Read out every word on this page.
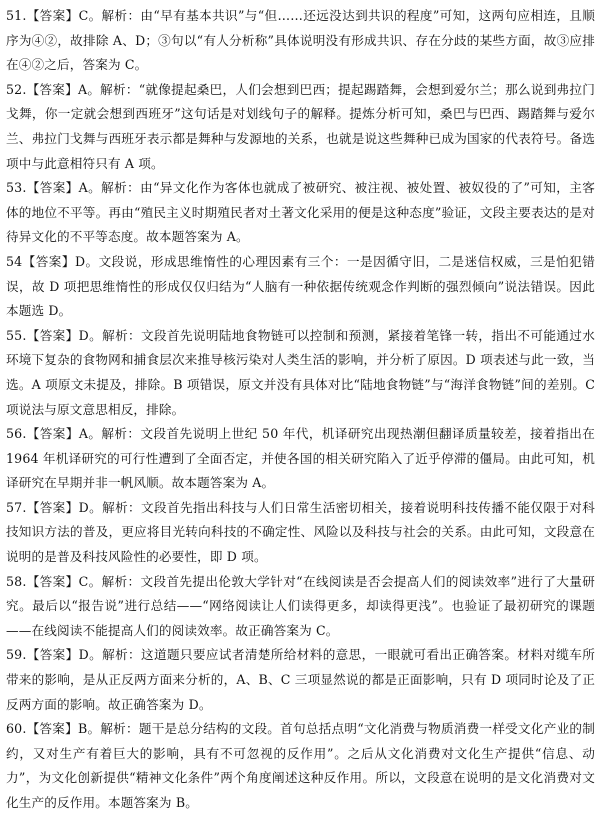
51.【答案】C。解析：由“早有基本共识”与“但……还远没达到共识的程度”可知，这两句应相连，且顺序为④②，故排除 A、D；③句以“有人分析称”具体说明没有形成共识、存在分歧的某些方面，故③应排在④②之后，答案为 C。

52.【答案】A。解析：“就像提起桑巴，人们会想到巴西；提起踢踏舞，会想到爱尔兰；那么说到弗拉门戈舞，你一定就会想到西班牙”这句话是对划线句子的解释。提炼分析可知，桑巴与巴西、踢踏舞与爱尔兰、弗拉门戈舞与西班牙表示都是舞种与发源地的关系，也就是说这些舞种已成为国家的代表符号。备选项中与此意相符只有 A 项。

53.【答案】A。解析：由“异文化作为客体也就成了被研究、被注视、被处置、被奴役的了”可知，主客体的地位不平等。再由“殖民主义时期殖民者对土著文化采用的便是这种态度”验证，文段主要表达的是对待异文化的不平等态度。故本题答案为 A。

54【答案】D。文段说，形成思维惰性的心理因素有三个：一是因循守旧，二是迷信权威，三是怕犯错误，故 D 项把思维惰性的形成仅仅归结为“人脑有一种依据传统观念作判断的强烈倾向”说法错误。因此本题选 D。

55.【答案】D。解析：文段首先说明陆地食物链可以控制和预测，紧接着笔锋一转，指出不可能通过水环境下复杂的食物网和捕食层次来推导核污染对人类生活的影响，并分析了原因。D 项表述与此一致，当选。A 项原文未提及，排除。B 项错误，原文并没有具体对比“陆地食物链”与“海洋食物链”间的差别。C 项说法与原文意思相反，排除。

56.【答案】A。解析：文段首先说明上世纪 50 年代，机译研究出现热潮但翻译质量较差，接着指出在 1964 年机译研究的可行性遭到了全面否定，并使各国的相关研究陷入了近乎停滞的僵局。由此可知，机译研究在早期并非一帆风顺。故本题答案为 A。

57.【答案】D。解析：文段首先指出科技与人们日常生活密切相关，接着说明科技传播不能仅限于对科技知识方法的普及，更应将目光转向科技的不确定性、风险以及科技与社会的关系。由此可知，文段意在说明的是普及科技风险性的必要性，即 D 项。

58.【答案】C。解析：文段首先提出伦敦大学针对“在线阅读是否会提高人们的阅读效率”进行了大量研究。最后以“报告说”进行总结——“网络阅读让人们读得更多，却读得更浅”。也验证了最初研究的课题——在线阅读不能提高人们的阅读效率。故正确答案为 C。

59.【答案】D。解析：这道题只要应试者清楚所给材料的意思，一眼就可看出正确答案。材料对缆车所带来的影响，是从正反两方面来分析的，A、B、C 三项显然说的都是正面影响，只有 D 项同时论及了正反两方面的影响。故正确答案为 D。

60.【答案】B。解析：题干是总分结构的文段。首句总括点明“文化消费与物质消费一样受文化产业的制约，又对生产有着巨大的影响，具有不可忽视的反作用”。之后从文化消费对文化生产提供“信息、动力”，为文化创新提供“精神文化条件”两个角度阐述这种反作用。所以，文段意在说明的是文化消费对文化生产的反作用。本题答案为 B。
